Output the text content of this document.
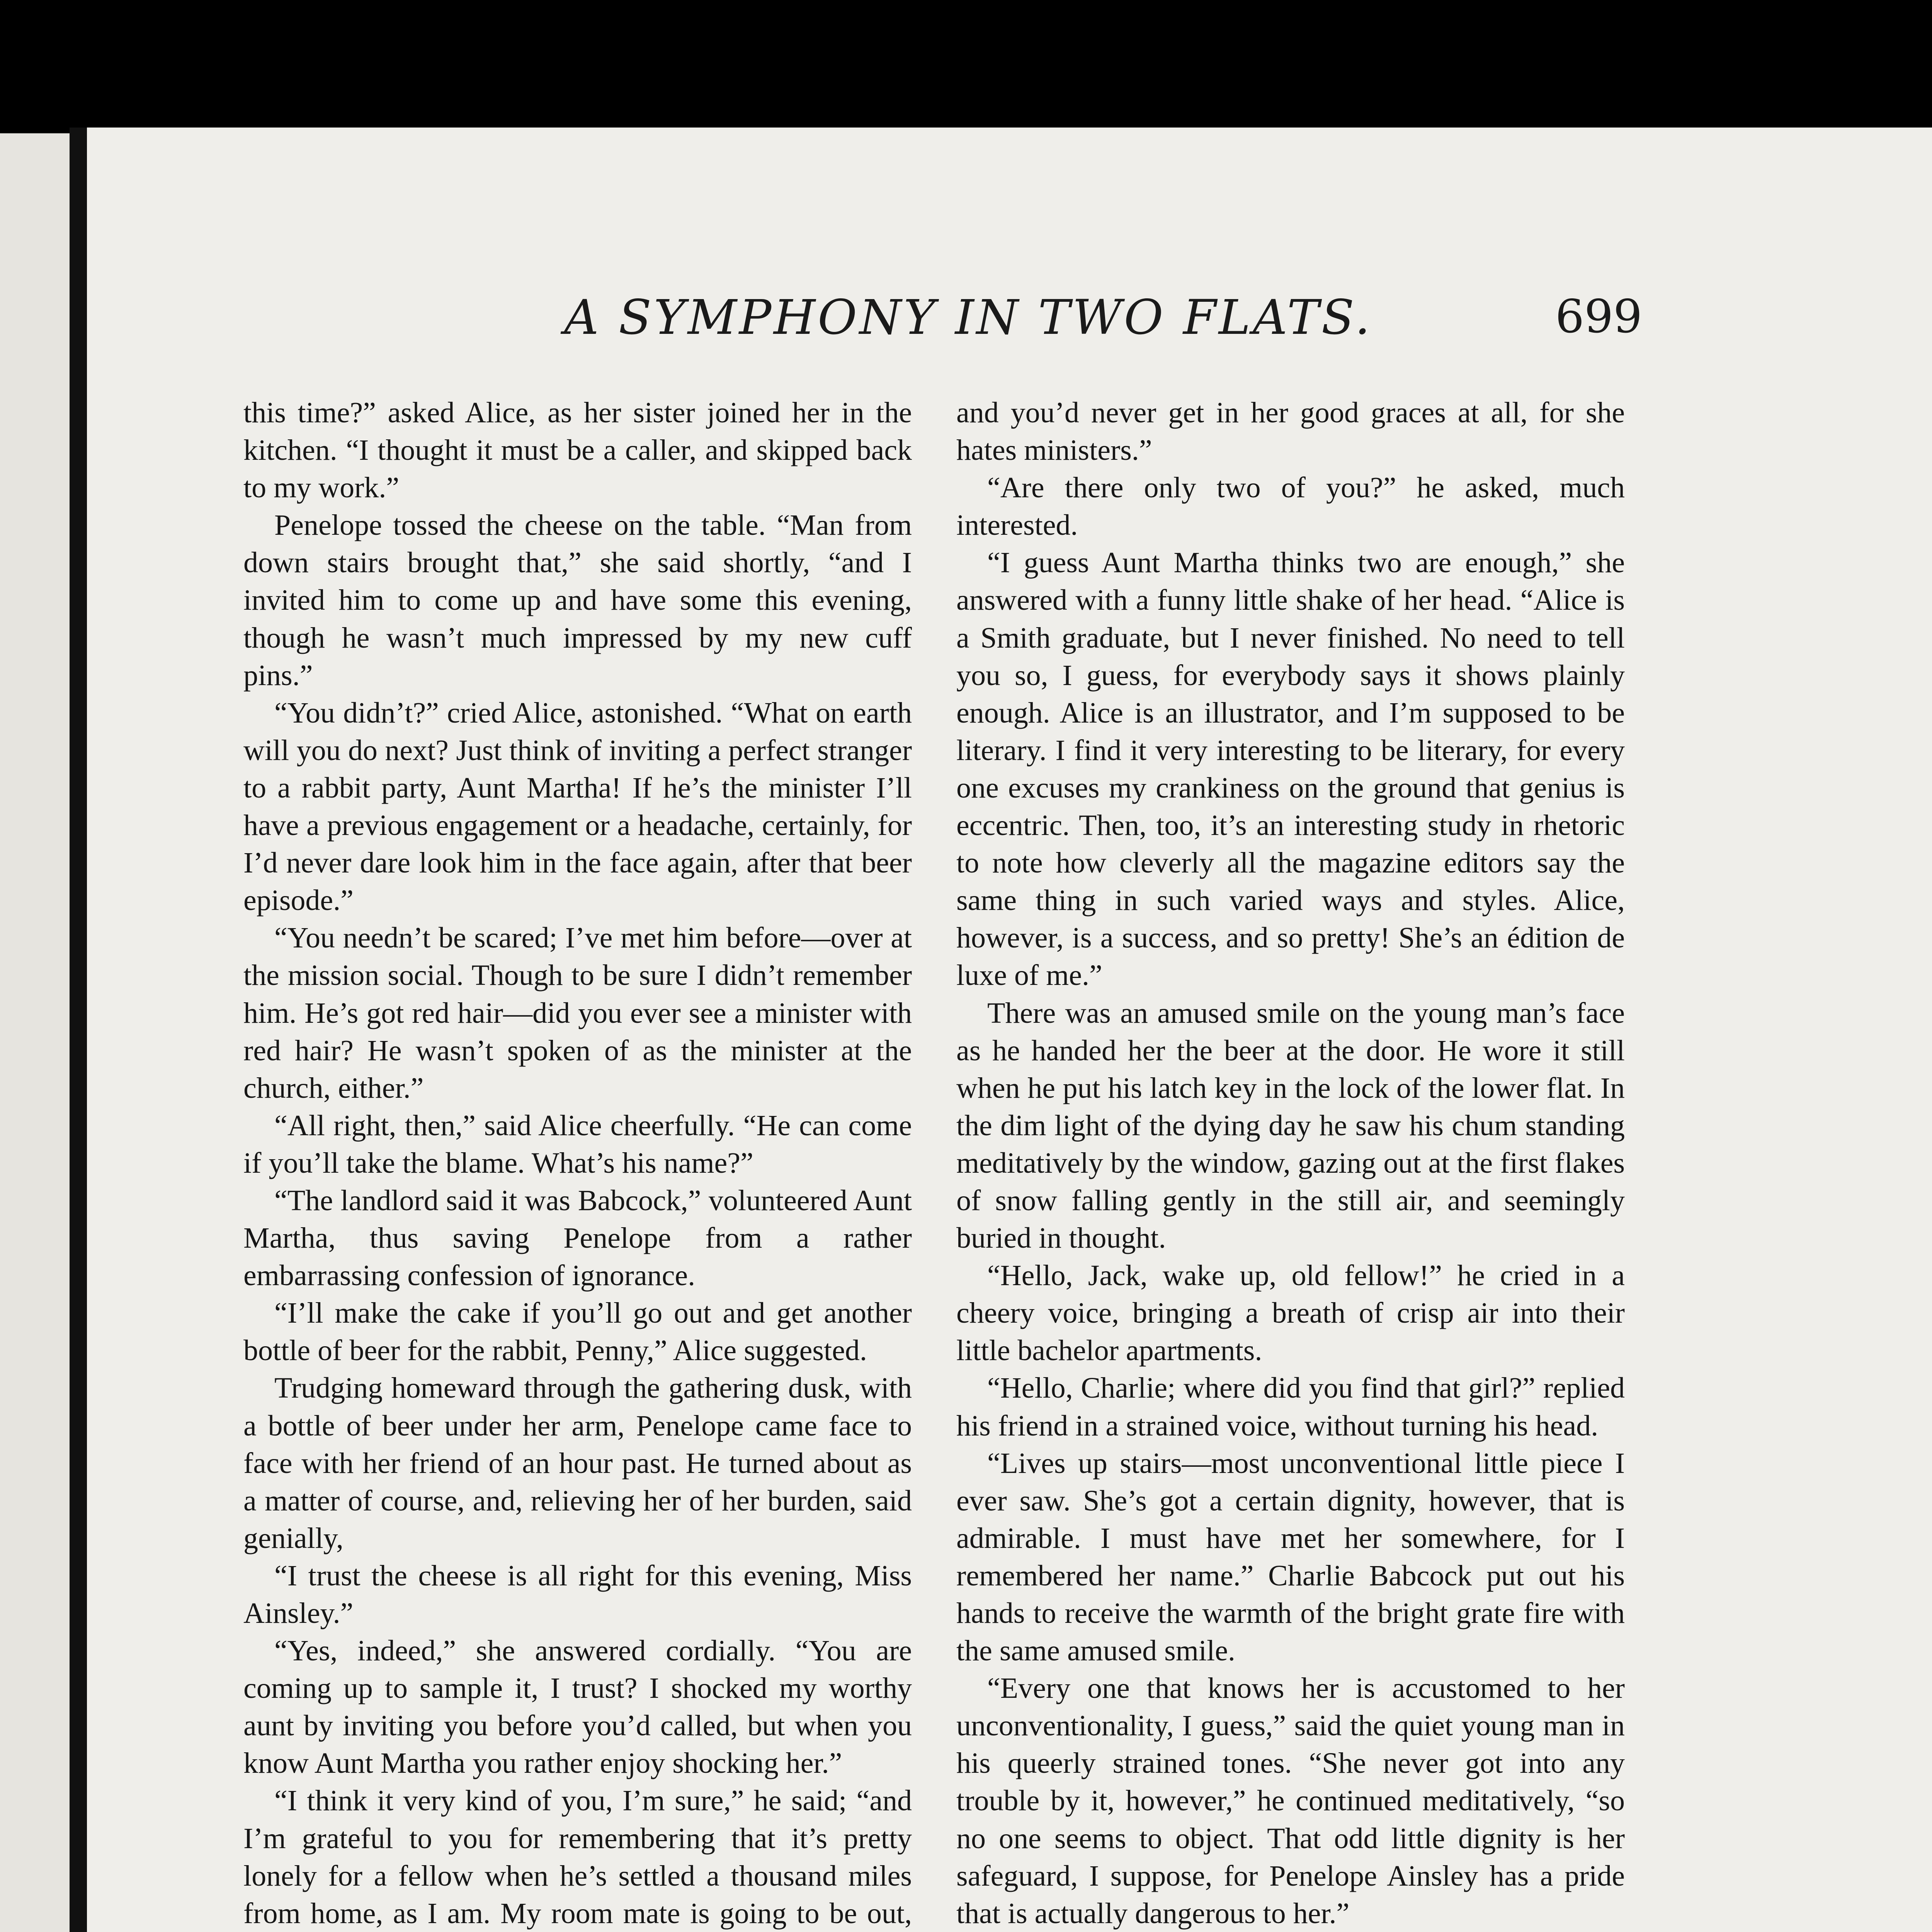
A SYMPHONY IN TWO FLATS.	699

this time?” asked Alice, as her sister joined her in the kitchen. “I thought it must be a caller, and skipped back to my work.”

Penelope tossed the cheese on the table. “Man from down stairs brought that,” she said shortly, “and I invited him to come up and have some this evening, though he wasn’t much impressed by my new cuff pins.”

“You didn’t?” cried Alice, astonished. “What on earth will you do next? Just think of inviting a perfect stranger to a rabbit party, Aunt Martha! If he’s the minister I’ll have a previous engagement or a headache, certainly, for I’d never dare look him in the face again, after that beer episode.”

“You needn’t be scared; I’ve met him before—over at the mission social. Though to be sure I didn’t remember him. He’s got red hair—did you ever see a minister with red hair? He wasn’t spoken of as the minister at the church, either.”

“All right, then,” said Alice cheerfully. “He can come if you’ll take the blame. What’s his name?”

“The landlord said it was Babcock,” volunteered Aunt Martha, thus saving Penelope from a rather embarrassing confession of ignorance.

“I’ll make the cake if you’ll go out and get another bottle of beer for the rabbit, Penny,” Alice suggested.

Trudging homeward through the gathering dusk, with a bottle of beer under her arm, Penelope came face to face with her friend of an hour past. He turned about as a matter of course, and, relieving her of her burden, said genially,

“I trust the cheese is all right for this evening, Miss Ainsley.”

“Yes, indeed,” she answered cordially. “You are coming up to sample it, I trust? I shocked my worthy aunt by inviting you before you’d called, but when you know Aunt Martha you rather enjoy shocking her.”

“I think it very kind of you, I’m sure,” he said; “and I’m grateful to you for remembering that it’s pretty lonely for a fellow when he’s settled a thousand miles from home, as I am. My room mate is going to be out,

and you’d never get in her good graces at all, for she hates ministers.”

“Are there only two of you?” he asked, much interested.

“I guess Aunt Martha thinks two are enough,” she answered with a funny little shake of her head. “Alice is a Smith graduate, but I never finished. No need to tell you so, I guess, for everybody says it shows plainly enough. Alice is an illustrator, and I’m supposed to be literary. I find it very interesting to be literary, for every one excuses my crankiness on the ground that genius is eccentric. Then, too, it’s an interesting study in rhetoric to note how cleverly all the magazine editors say the same thing in such varied ways and styles. Alice, however, is a success, and so pretty! She’s an édition de luxe of me.”

There was an amused smile on the young man’s face as he handed her the beer at the door. He wore it still when he put his latch key in the lock of the lower flat. In the dim light of the dying day he saw his chum standing meditatively by the window, gazing out at the first flakes of snow falling gently in the still air, and seemingly buried in thought.

“Hello, Jack, wake up, old fellow!” he cried in a cheery voice, bringing a breath of crisp air into their little bachelor apartments.

“Hello, Charlie; where did you find that girl?” replied his friend in a strained voice, without turning his head.

“Lives up stairs—most unconventional little piece I ever saw. She’s got a certain dignity, however, that is admirable. I must have met her somewhere, for I remembered her name.” Charlie Babcock put out his hands to receive the warmth of the bright grate fire with the same amused smile.

“Every one that knows her is accustomed to her unconventionality, I guess,” said the quiet young man in his queerly strained tones. “She never got into any trouble by it, however,” he continued meditatively, “so no one seems to object. That odd little dignity is her safeguard, I suppose, for Penelope Ainsley has a pride that is actually dangerous to her.”
